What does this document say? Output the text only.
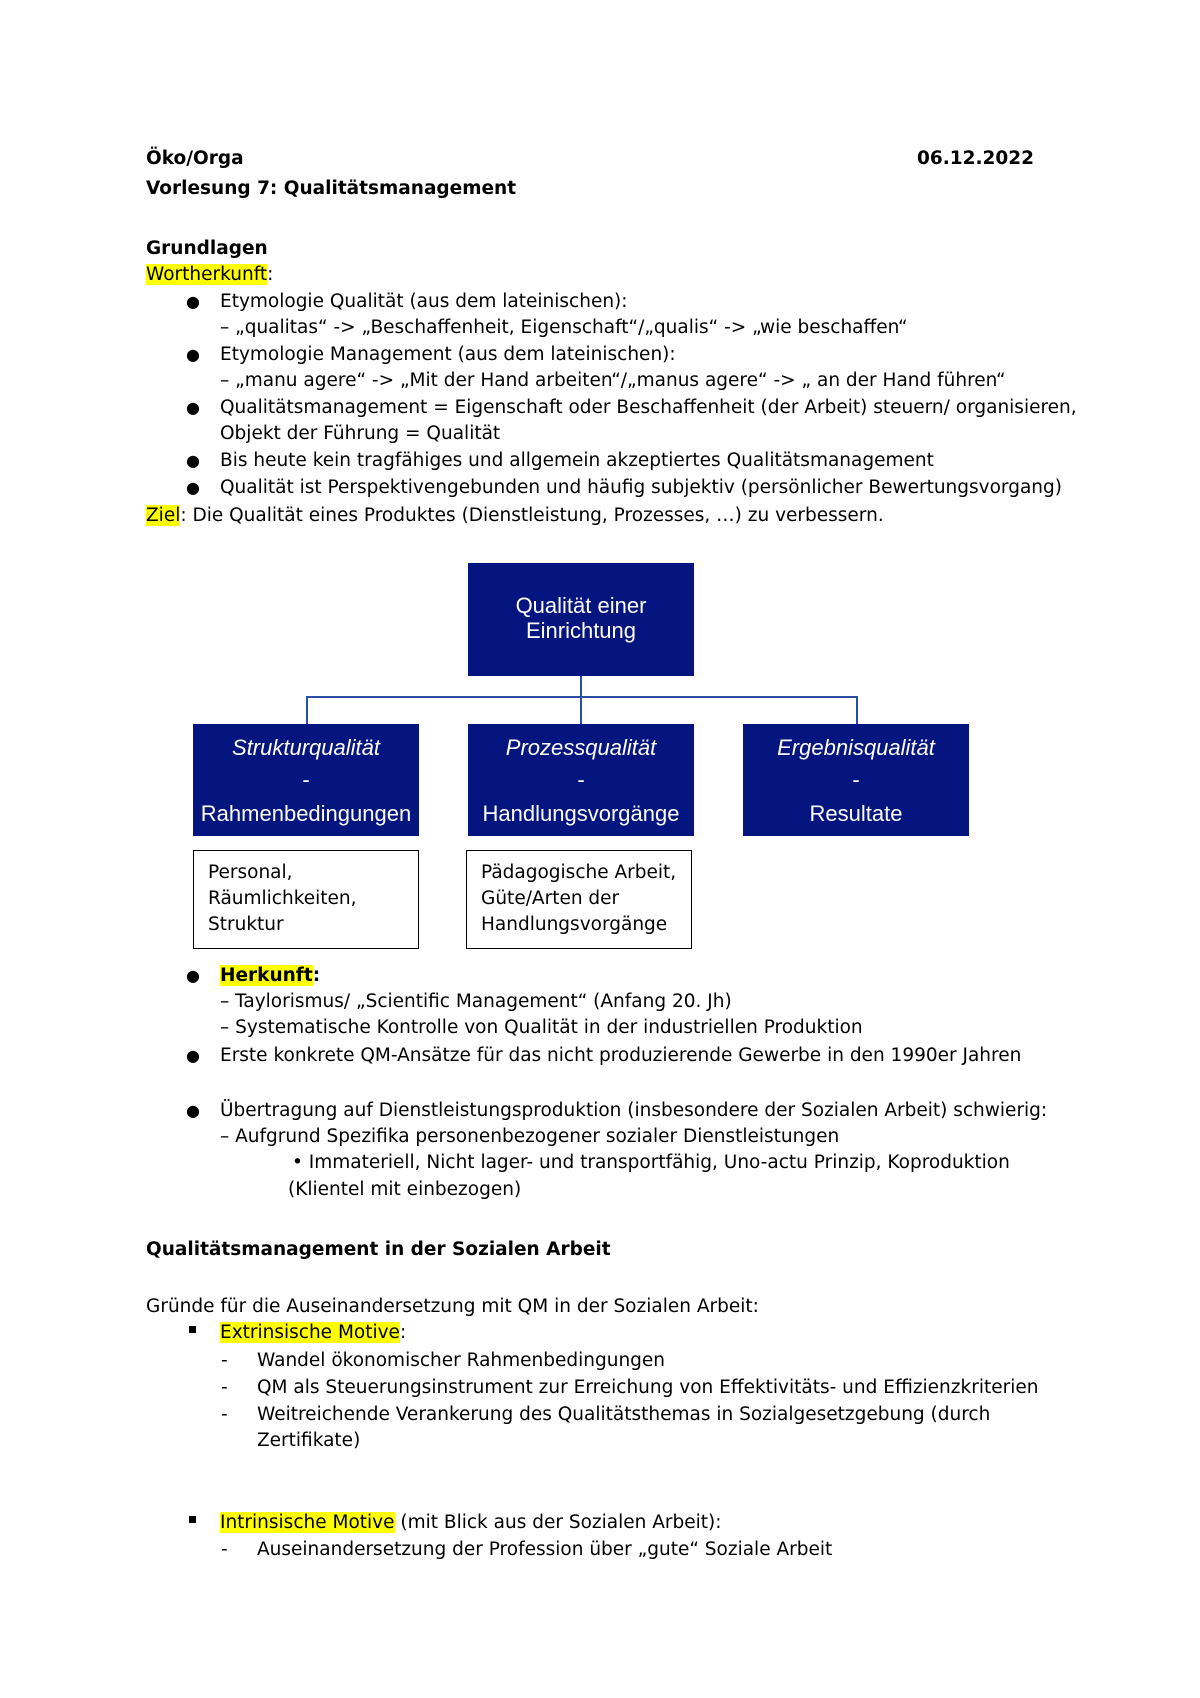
Öko/Orga	06.12.2022
Vorlesung 7: Qualitätsmanagement
Grundlagen
Wortherkunft:
● Etymologie Qualität (aus dem lateinischen):
– „qualitas“ -> „Beschaffenheit, Eigenschaft“/„qualis“ -> „wie beschaffen“
● Etymologie Management (aus dem lateinischen):
– „manu agere“ -> „Mit der Hand arbeiten“/„manus agere“ -> „ an der Hand führen“
● Qualitätsmanagement = Eigenschaft oder Beschaffenheit (der Arbeit) steuern/ organisieren,
Objekt der Führung = Qualität
● Bis heute kein tragfähiges und allgemein akzeptiertes Qualitätsmanagement
● Qualität ist Perspektivengebunden und häufig subjektiv (persönlicher Bewertungsvorgang)
Ziel: Die Qualität eines Produktes (Dienstleistung, Prozesses, …) zu verbessern.
Qualität einer
Einrichtung
Strukturqualität
-
Rahmenbedingungen
Prozessqualität
-
Handlungsvorgänge
Ergebnisqualität
-
Resultate
Personal,
Räumlichkeiten,
Struktur
Pädagogische Arbeit,
Güte/Arten der
Handlungsvorgänge
● Herkunft:
– Taylorismus/ „Scientific Management“ (Anfang 20. Jh)
– Systematische Kontrolle von Qualität in der industriellen Produktion
● Erste konkrete QM-Ansätze für das nicht produzierende Gewerbe in den 1990er Jahren
● Übertragung auf Dienstleistungsproduktion (insbesondere der Sozialen Arbeit) schwierig:
– Aufgrund Spezifika personenbezogener sozialer Dienstleistungen
• Immateriell, Nicht lager- und transportfähig, Uno-actu Prinzip, Koproduktion
(Klientel mit einbezogen)
Qualitätsmanagement in der Sozialen Arbeit
Gründe für die Auseinandersetzung mit QM in der Sozialen Arbeit:
Extrinsische Motive:
- Wandel ökonomischer Rahmenbedingungen
- QM als Steuerungsinstrument zur Erreichung von Effektivitäts- und Effizienzkriterien
- Weitreichende Verankerung des Qualitätsthemas in Sozialgesetzgebung (durch
Zertifikate)
Intrinsische Motive (mit Blick aus der Sozialen Arbeit):
- Auseinandersetzung der Profession über „gute“ Soziale Arbeit
